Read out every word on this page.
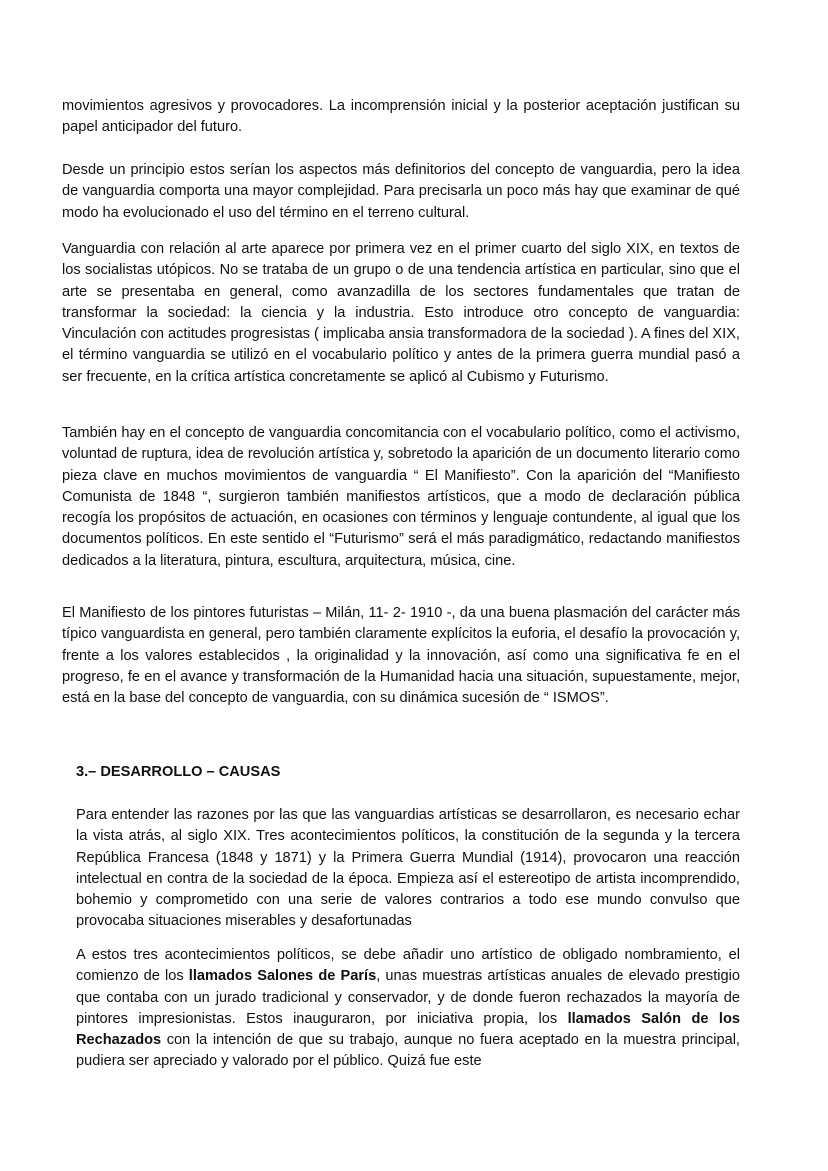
movimientos agresivos y provocadores. La incomprensión inicial y la posterior aceptación justifican su papel anticipador del futuro.

Desde un principio estos serían los aspectos más definitorios del concepto de vanguardia, pero la idea de vanguardia comporta una mayor complejidad. Para precisarla un poco más hay que examinar de qué modo ha evolucionado el uso del término en el terreno cultural.

Vanguardia con relación al arte aparece por primera vez en el primer cuarto del siglo XIX, en textos de los socialistas utópicos. No se trataba de un grupo o de una tendencia artística en particular, sino que el arte se presentaba en general, como avanzadilla de los sectores fundamentales que tratan de transformar la sociedad: la ciencia y la industria. Esto introduce otro concepto de vanguardia: Vinculación con actitudes progresistas ( implicaba ansia transformadora de la sociedad ). A fines del XIX, el término vanguardia se utilizó en el vocabulario político y antes de la primera guerra mundial pasó a ser frecuente, en la crítica artística concretamente se aplicó al Cubismo y Futurismo.

También hay en el concepto de vanguardia concomitancia con el vocabulario político, como el activismo, voluntad de ruptura, idea de revolución artística y, sobretodo la aparición de un documento literario como pieza clave en muchos movimientos de vanguardia “ El Manifiesto”. Con la aparición del “Manifiesto Comunista de 1848 “, surgieron también manifiestos artísticos, que a modo de declaración pública recogía los propósitos de actuación, en ocasiones con términos y lenguaje contundente, al igual que los documentos políticos. En este sentido el “Futurismo” será el más paradigmático, redactando manifiestos dedicados a la literatura, pintura, escultura, arquitectura, música, cine.

El Manifiesto de los pintores futuristas – Milán, 11- 2- 1910 -, da una buena plasmación del carácter más típico vanguardista en general, pero también claramente explícitos la euforia, el desafío la provocación y, frente a los valores establecidos , la originalidad y la innovación, así como una significativa fe en el progreso, fe en el avance y transformación de la Humanidad hacia una situación, supuestamente, mejor, está en la base del concepto de vanguardia, con su dinámica sucesión de “ ISMOS”.

3.– DESARROLLO – CAUSAS

Para entender las razones por las que las vanguardias artísticas se desarrollaron, es necesario echar la vista atrás, al siglo XIX. Tres acontecimientos políticos, la constitución de la segunda y la tercera República Francesa (1848 y 1871) y la Primera Guerra Mundial (1914), provocaron una reacción intelectual en contra de la sociedad de la época. Empieza así el estereotipo de artista incomprendido, bohemio y comprometido con una serie de valores contrarios a todo ese mundo convulso que provocaba situaciones miserables y desafortunadas

A estos tres acontecimientos políticos, se debe añadir uno artístico de obligado nombramiento, el comienzo de los llamados Salones de París, unas muestras artísticas anuales de elevado prestigio que contaba con un jurado tradicional y conservador, y de donde fueron rechazados la mayoría de pintores impresionistas. Estos inauguraron, por iniciativa propia, los llamados Salón de los Rechazados con la intención de que su trabajo, aunque no fuera aceptado en la muestra principal, pudiera ser apreciado y valorado por el público. Quizá fue este
